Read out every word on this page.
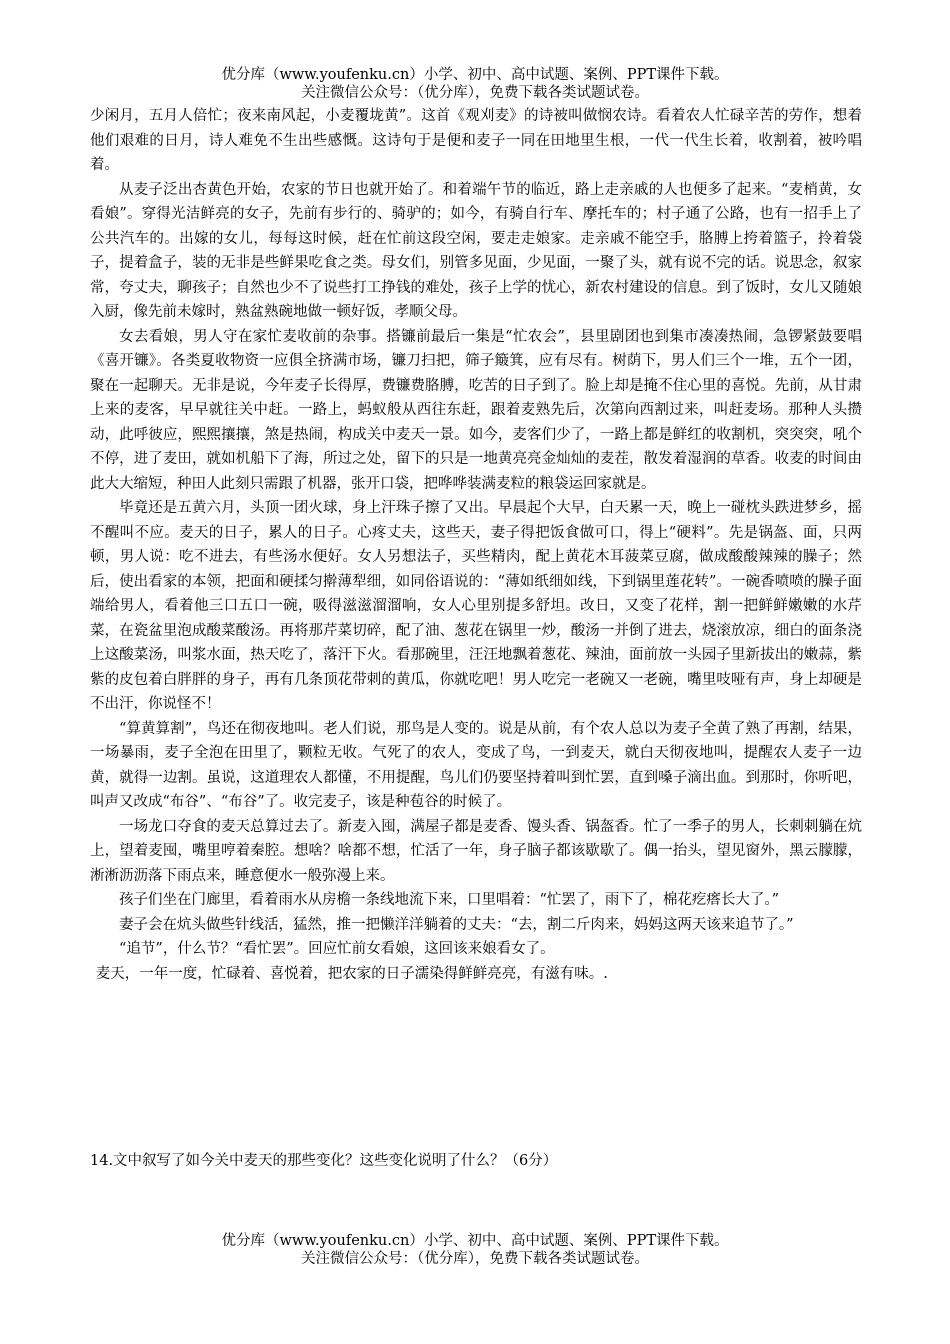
优分库（www.youfenku.cn）小学、初中、高中试题、案例、PPT课件下载。
关注微信公众号：（优分库），免费下载各类试题试卷。

少闲月，五月人倍忙；夜来南风起，小麦覆垅黄”。这首《观刈麦》的诗被叫做悯农诗。看着农人忙碌辛苦的劳作，想着他们艰难的日月，诗人难免不生出些感慨。这诗句于是便和麦子一同在田地里生根，一代一代生长着，收割着，被吟唱着。

从麦子泛出杏黄色开始，农家的节日也就开始了。和着端午节的临近，路上走亲戚的人也便多了起来。“麦梢黄，女看娘”。穿得光洁鲜亮的女子，先前有步行的、骑驴的；如今，有骑自行车、摩托车的；村子通了公路，也有一招手上了公共汽车的。出嫁的女儿，每每这时候，赶在忙前这段空闲，要走走娘家。走亲戚不能空手，胳膊上挎着篮子，拎着袋子，提着盒子，装的无非是些鲜果吃食之类。母女们，别管多见面，少见面，一聚了头，就有说不完的话。说思念，叙家常，夸丈夫，聊孩子；自然也少不了说些打工挣钱的难处，孩子上学的忧心，新农村建设的信息。到了饭时，女儿又随娘入厨，像先前未嫁时，熟盆熟碗地做一顿好饭，孝顺父母。

女去看娘，男人守在家忙麦收前的杂事。搭镰前最后一集是“忙农会”，县里剧团也到集市凑凑热闹，急锣紧鼓要唱《喜开镰》。各类夏收物资一应俱全挤满市场，镰刀扫把，筛子簸箕，应有尽有。树荫下，男人们三个一堆，五个一团，聚在一起聊天。无非是说，今年麦子长得厚，费镰费胳膊，吃苦的日子到了。脸上却是掩不住心里的喜悦。先前，从甘肃上来的麦客，早早就往关中赶。一路上，蚂蚁般从西往东赶，跟着麦熟先后，次第向西割过来，叫赶麦场。那种人头攒动，此呼彼应，熙熙攘攘，煞是热闹，构成关中麦天一景。如今，麦客们少了，一路上都是鲜红的收割机，突突突，吼个不停，进了麦田，就如机船下了海，所过之处，留下的只是一地黄亮亮金灿灿的麦茬，散发着湿润的草香。收麦的时间由此大大缩短，种田人此刻只需跟了机器，张开口袋，把哗哗装满麦粒的粮袋运回家就是。

毕竟还是五黄六月，头顶一团火球，身上汗珠子擦了又出。早晨起个大早，白天累一天，晚上一碰枕头跌进梦乡，摇不醒叫不应。麦天的日子，累人的日子。心疼丈夫，这些天，妻子得把饭食做可口，得上“硬料”。先是锅盔、面，只两顿，男人说：吃不进去，有些汤水便好。女人另想法子，买些精肉，配上黄花木耳菠菜豆腐，做成酸酸辣辣的臊子；然后，使出看家的本领，把面和硬揉匀擀薄犁细，如同俗语说的：“薄如纸细如线，下到锅里莲花转”。一碗香喷喷的臊子面端给男人，看着他三口五口一碗，吸得滋滋溜溜响，女人心里别提多舒坦。改日，又变了花样，割一把鲜鲜嫩嫩的水芹菜，在瓷盆里泡成酸菜酸汤。再将那芹菜切碎，配了油、葱花在锅里一炒，酸汤一并倒了进去，烧滚放凉，细白的面条浇上这酸菜汤，叫浆水面，热天吃了，落汗下火。看那碗里，汪汪地飘着葱花、辣油，面前放一头园子里新拔出的嫩蒜，紫紫的皮包着白胖胖的身子，再有几条顶花带刺的黄瓜，你就吃吧！男人吃完一老碗又一老碗，嘴里吱哑有声，身上却硬是不出汗，你说怪不！

“算黄算割”，鸟还在彻夜地叫。老人们说，那鸟是人变的。说是从前，有个农人总以为麦子全黄了熟了再割，结果，一场暴雨，麦子全泡在田里了，颗粒无收。气死了的农人，变成了鸟，一到麦天，就白天彻夜地叫，提醒农人麦子一边黄，就得一边割。虽说，这道理农人都懂，不用提醒，鸟儿们仍要坚持着叫到忙罢，直到嗓子滴出血。到那时，你听吧，叫声又改成“布谷”、“布谷”了。收完麦子，该是种苞谷的时候了。

一场龙口夺食的麦天总算过去了。新麦入囤，满屋子都是麦香、馒头香、锅盔香。忙了一季子的男人，长刺刺躺在炕上，望着麦囤，嘴里哼着秦腔。想啥？啥都不想，忙活了一年，身子脑子都该歇歇了。偶一抬头，望见窗外，黑云朦朦，淅淅沥沥落下雨点来，睡意便水一般弥漫上来。

孩子们坐在门廊里，看着雨水从房檐一条线地流下来，口里唱着：“忙罢了，雨下了，棉花疙瘩长大了。”

妻子会在炕头做些针线活，猛然，推一把懒洋洋躺着的丈夫：“去，割二斤肉来，妈妈这两天该来追节了。”

“追节”，什么节？“看忙罢”。回应忙前女看娘，这回该来娘看女了。

麦天，一年一度，忙碌着、喜悦着，把农家的日子濡染得鲜鲜亮亮，有滋有味。.

14.文中叙写了如今关中麦天的那些变化？这些变化说明了什么？（6分）
优分库（www.youfenku.cn）小学、初中、高中试题、案例、PPT课件下载。
关注微信公众号：（优分库），免费下载各类试题试卷。
